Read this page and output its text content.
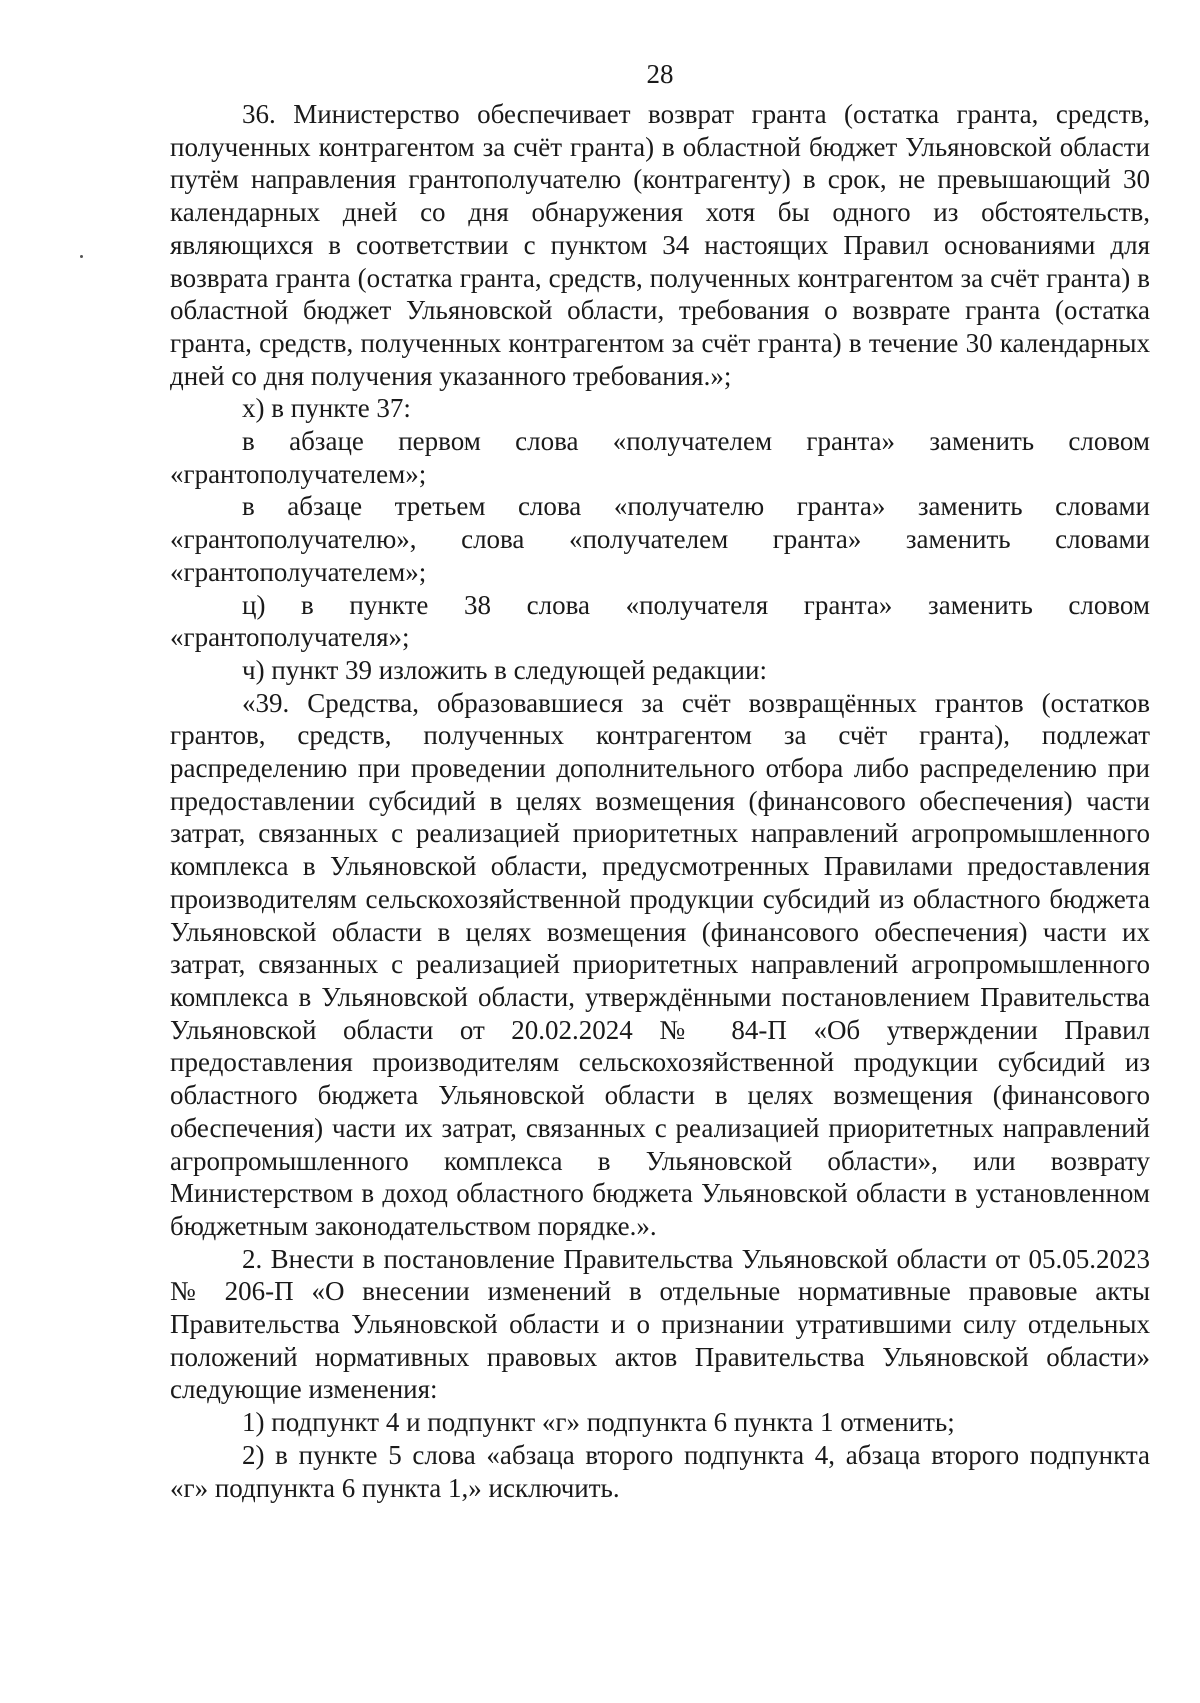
28

36. Министерство обеспечивает возврат гранта (остатка гранта, средств, полученных контрагентом за счёт гранта) в областной бюджет Ульяновской области путём направления грантополучателю (контрагенту) в срок, не превышающий 30 календарных дней со дня обнаружения хотя бы одного из обстоятельств, являющихся в соответствии с пунктом 34 настоящих Правил основаниями для возврата гранта (остатка гранта, средств, полученных контрагентом за счёт гранта) в областной бюджет Ульяновской области, требования о возврате гранта (остатка гранта, средств, полученных контрагентом за счёт гранта) в течение 30 календарных дней со дня получения указанного требования.»;

х) в пункте 37:

в абзаце первом слова «получателем гранта» заменить словом «грантополучателем»;

в абзаце третьем слова «получателю гранта» заменить словами «грантополучателю», слова «получателем гранта» заменить словами «грантополучателем»;

ц) в пункте 38 слова «получателя гранта» заменить словом «грантополучателя»;

ч) пункт 39 изложить в следующей редакции:

«39. Средства, образовавшиеся за счёт возвращённых грантов (остатков грантов, средств, полученных контрагентом за счёт гранта), подлежат распределению при проведении дополнительного отбора либо распределению при предоставлении субсидий в целях возмещения (финансового обеспечения) части затрат, связанных с реализацией приоритетных направлений агропромышленного комплекса в Ульяновской области, предусмотренных Правилами предоставления производителям сельскохозяйственной продукции субсидий из областного бюджета Ульяновской области в целях возмещения (финансового обеспечения) части их затрат, связанных с реализацией приоритетных направлений агропромышленного комплекса в Ульяновской области, утверждёнными постановлением Правительства Ульяновской области от 20.02.2024 № 84-П «Об утверждении Правил предоставления производителям сельскохозяйственной продукции субсидий из областного бюджета Ульяновской области в целях возмещения (финансового обеспечения) части их затрат, связанных с реализацией приоритетных направлений агропромышленного комплекса в Ульяновской области», или возврату Министерством в доход областного бюджета Ульяновской области в установленном бюджетным законодательством порядке.».

2. Внести в постановление Правительства Ульяновской области от 05.05.2023 № 206-П «О внесении изменений в отдельные нормативные правовые акты Правительства Ульяновской области и о признании утратившими силу отдельных положений нормативных правовых актов Правительства Ульяновской области» следующие изменения:

1) подпункт 4 и подпункт «г» подпункта 6 пункта 1 отменить;

2) в пункте 5 слова «абзаца второго подпункта 4, абзаца второго подпункта «г» подпункта 6 пункта 1,» исключить.
